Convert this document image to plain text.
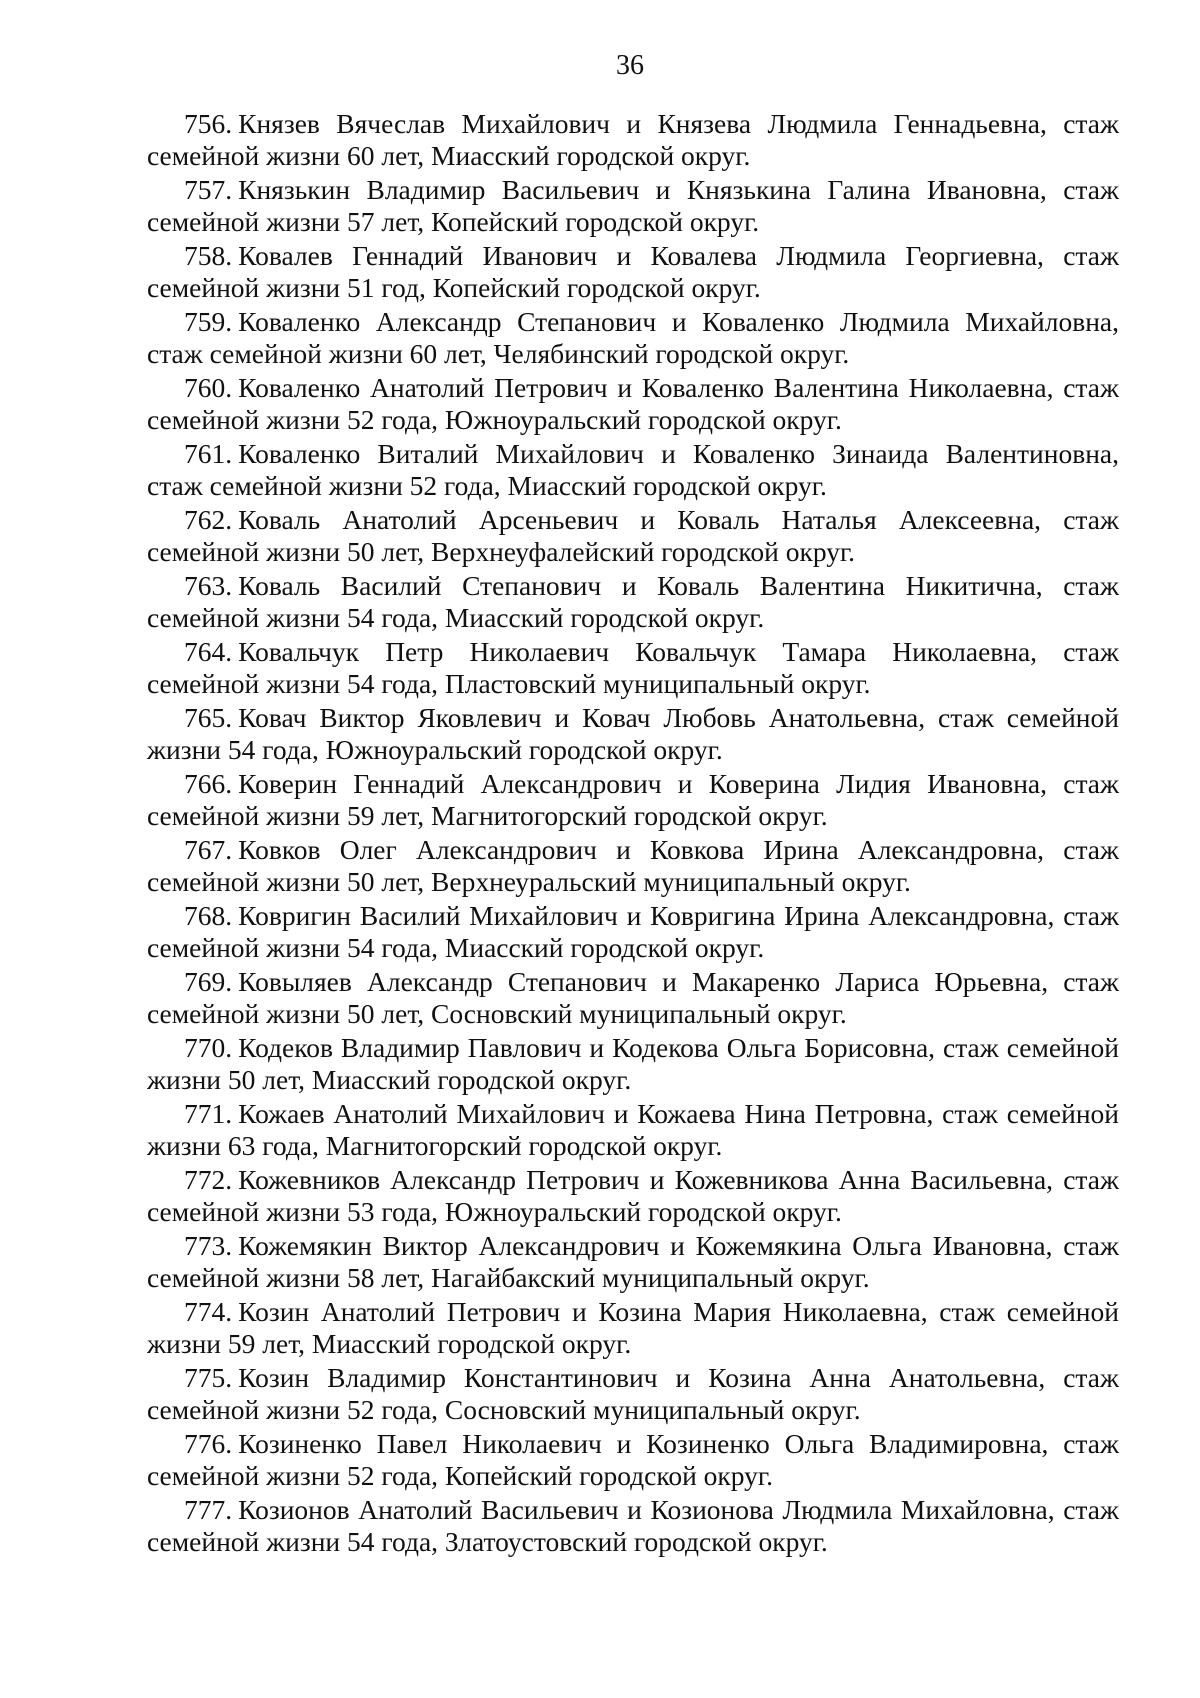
36

756. Князев Вячеслав Михайлович и Князева Людмила Геннадьевна, стаж семейной жизни 60 лет, Миасский городской округ.

757. Князькин Владимир Васильевич и Князькина Галина Ивановна, стаж семейной жизни 57 лет, Копейский городской округ.

758. Ковалев Геннадий Иванович и Ковалева Людмила Георгиевна, стаж семейной жизни 51 год, Копейский городской округ.

759. Коваленко Александр Степанович и Коваленко Людмила Михайловна, стаж семейной жизни 60 лет, Челябинский городской округ.

760. Коваленко Анатолий Петрович и Коваленко Валентина Николаевна, стаж семейной жизни 52 года, Южноуральский городской округ.

761. Коваленко Виталий Михайлович и Коваленко Зинаида Валентиновна, стаж семейной жизни 52 года, Миасский городской округ.

762. Коваль Анатолий Арсеньевич и Коваль Наталья Алексеевна, стаж семейной жизни 50 лет, Верхнеуфалейский городской округ.

763. Коваль Василий Степанович и Коваль Валентина Никитична, стаж семейной жизни 54 года, Миасский городской округ.

764. Ковальчук Петр Николаевич Ковальчук Тамара Николаевна, стаж семейной жизни 54 года, Пластовский муниципальный округ.

765. Ковач Виктор Яковлевич и Ковач Любовь Анатольевна, стаж семейной жизни 54 года, Южноуральский городской округ.

766. Коверин Геннадий Александрович и Коверина Лидия Ивановна, стаж семейной жизни 59 лет, Магнитогорский городской округ.

767. Ковков Олег Александрович и Ковкова Ирина Александровна, стаж семейной жизни 50 лет, Верхнеуральский муниципальный округ.

768. Ковригин Василий Михайлович и Ковригина Ирина Александровна, стаж семейной жизни 54 года, Миасский городской округ.

769. Ковыляев Александр Степанович и Макаренко Лариса Юрьевна, стаж семейной жизни 50 лет, Сосновский муниципальный округ.

770. Кодеков Владимир Павлович и Кодекова Ольга Борисовна, стаж семейной жизни 50 лет, Миасский городской округ.

771. Кожаев Анатолий Михайлович и Кожаева Нина Петровна, стаж семейной жизни 63 года, Магнитогорский городской округ.

772. Кожевников Александр Петрович и Кожевникова Анна Васильевна, стаж семейной жизни 53 года, Южноуральский городской округ.

773. Кожемякин Виктор Александрович и Кожемякина Ольга Ивановна, стаж семейной жизни 58 лет, Нагайбакский муниципальный округ.

774. Козин Анатолий Петрович и Козина Мария Николаевна, стаж семейной жизни 59 лет, Миасский городской округ.

775. Козин Владимир Константинович и Козина Анна Анатольевна, стаж семейной жизни 52 года, Сосновский муниципальный округ.

776. Козиненко Павел Николаевич и Козиненко Ольга Владимировна, стаж семейной жизни 52 года, Копейский городской округ.

777. Козионов Анатолий Васильевич и Козионова Людмила Михайловна, стаж семейной жизни 54 года, Златоустовский городской округ.
